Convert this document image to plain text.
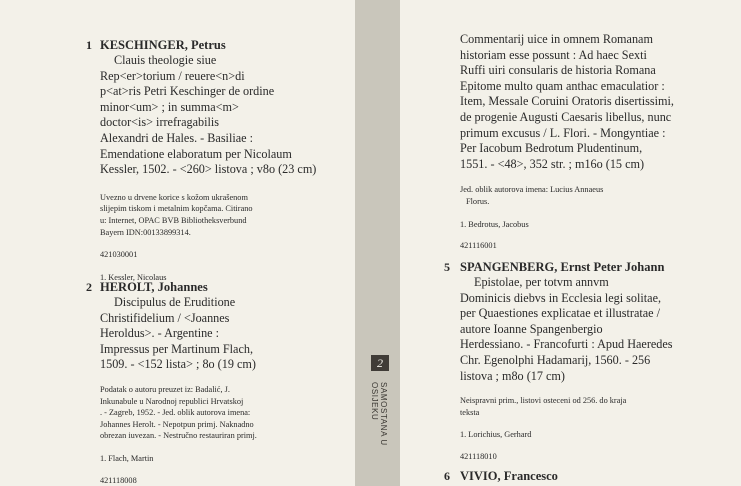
2
SAMOSTANA U OSIJEKU
1 KESCHINGER, Petrus
Clauis theologie siue
Rep<er>torium / reuere<n>di
p<at>ris Petri Keschinger de ordine
minor<um> ; in summa<m>
doctor<is> irrefragabilis
Alexandri de Hales. - Basiliae :
Emendatione elaboratum per Nicolaum
Kessler, 1502. - <260> listova ; v8o (23 cm)
Uvezno u drvene korice s kožom ukrašenom
slijepim tiskom i metalnim kopčama. Citirano
u: Internet, OPAC BVB Bibliotheksverbund
Bayern IDN:00133899314.
421030001
1. Kessler, Nicolaus
2 HEROLT, Johannes
Discipulus de Eruditione
Christifidelium / <Joannes
Heroldus>. - Argentine :
Impressus per Martinum Flach,
1509. - <152 lista> ; 8o (19 cm)
Podatak o autoru preuzet iz: Badalić, J.
Inkunabule u Narodnoj republici Hrvatskoj
. - Zagreb, 1952. - Jed. oblik autorova imena:
Johannes Herolt. - Nepotpun primj. Naknadno
obrezan iuvezan. - Nestručno restauriran primj.
1. Flach, Martin
421118008
Commentarij uice in omnem Romanam
historiam esse possunt : Ad haec Sexti
Ruffi uiri consularis de historia Romana
Epitome multo quam anthac emaculatior :
Item, Messale Coruini Oratoris disertissimi,
de progenie Augusti Caesaris libellus, nunc
primum excusus / L. Flori. - Mongyntiae :
Per Iacobum Bedrotum Pludentinum,
1551. - <48>, 352 str. ; m16o (15 cm)
Jed. oblik autorova imena: Lucius Annaeus
Florus.
1. Bedrotus, Jacobus
421116001
5 SPANGENBERG, Ernst Peter Johann
Epistolae, per totvm annvm
Dominicis diebvs in Ecclesia legi solitae,
per Quaestiones explicatae et illustratae /
autore Ioanne Spangenbergio
Herdessiano. - Francofurti : Apud Haeredes
Chr. Egenolphi Hadamarij, 1560. - 256
listova ; m8o (17 cm)
Neispravni prim., listovi osteceni od 256. do kraja
teksta
1. Lorichius, Gerhard
421118010
6 VIVIO, Francesco
